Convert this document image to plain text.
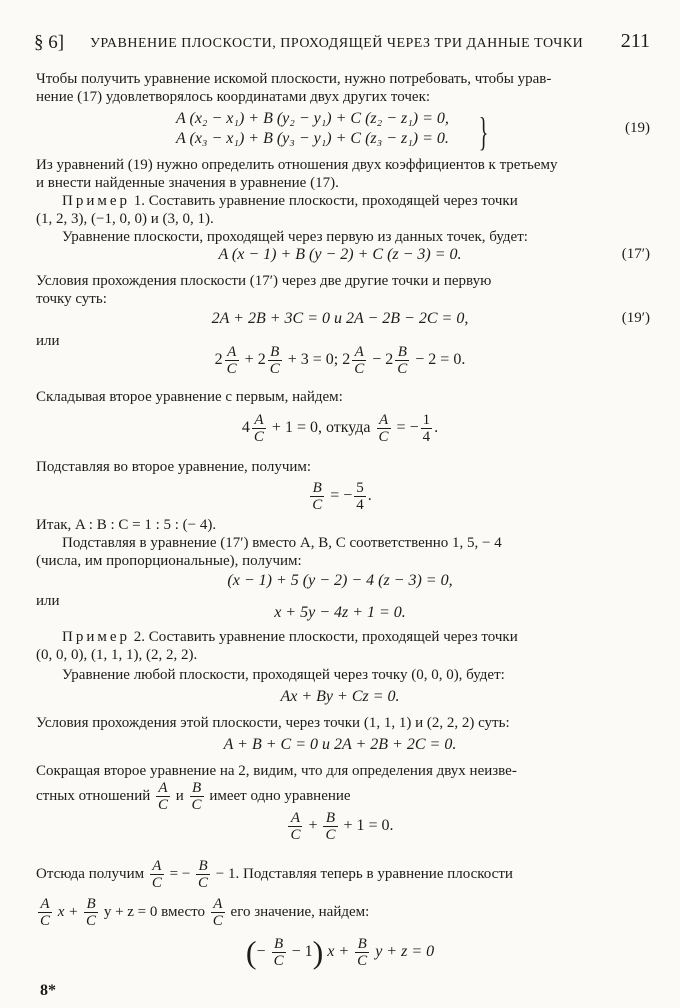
§ 6] УРАВНЕНИЕ ПЛОСКОСТИ, ПРОХОДЯЩЕЙ ЧЕРЕЗ ТРИ ДАННЫЕ ТОЧКИ 211
Чтобы получить уравнение искомой плоскости, нужно потребовать, чтобы урав-
нение (17) удовлетворялось координатами двух других точек:
A (x₂ − x₁) + B (y₂ − y₁) + C (z₂ − z₁) = 0,
A (x₃ − x₁) + B (y₃ − y₁) + C (z₃ − z₁) = 0. }	(19)
Из уравнений (19) нужно определить отношения двух коэффициентов к третьему
и внести найденные значения в уравнение (17).
Пример 1. Составить уравнение плоскости, проходящей через точки
(1, 2, 3), (−1, 0, 0) и (3, 0, 1).
Уравнение плоскости, проходящей через первую из данных точек, будет:
A (x − 1) + B (y − 2) + C (z − 3) = 0.	(17′)
Условия прохождения плоскости (17′) через две другие точки и первую
точку суть:
2A + 2B + 3C = 0 и 2A − 2B − 2C = 0,	(19′)
или
$2 \frac{A}{C} + 2 \frac{B}{C} + 3 = 0$; $2 \frac{A}{C} - 2 \frac{B}{C} - 2 = 0$.
Складывая второе уравнение с первым, найдем:
$4 \frac{A}{C} + 1 = 0$, откуда $\frac{A}{C}$ = − $\frac{1}{4}$ .
Подставляя во второе уравнение, получим:
$\frac{B}{C}$ = − $\frac{5}{4}$ .
Итак, A : B : C = 1 : 5 : (− 4).
Подставляя в уравнение (17′) вместо A, B, C соответственно 1, 5, − 4
(числа, им пропорциональные), получим:
(x − 1) + 5 (y − 2) − 4 (z − 3) = 0,
или
x + 5y − 4z + 1 = 0.
Пример 2. Составить уравнение плоскости, проходящей через точки
(0, 0, 0), (1, 1, 1), (2, 2, 2).
Уравнение любой плоскости, проходящей через точку (0, 0, 0), будет:
Ax + By + Cz = 0.
Условия прохождения этой плоскости, через точки (1, 1, 1) и (2, 2, 2) суть:
A + B + C = 0 и 2A + 2B + 2C = 0.
Сокращая второе уравнение на 2, видим, что для определения двух неизве-
стных отношений $\frac{A}{C}$ и $\frac{B}{C}$ имеет одно уравнение
$\frac{A}{C} + \frac{B}{C} + 1 = 0$.
Отсюда получим $\frac{A}{C}$ = − $\frac{B}{C} - 1$. Подставляя теперь в уравнение плоскости
$\frac{A}{C}$ $x + \frac{B}{C}$ y + z = 0 вместо $\frac{A}{C}$ его значение, найдем:
(− $\frac{B}{C} - 1$) $x + \frac{B}{C}$ y + z = 0
8*
